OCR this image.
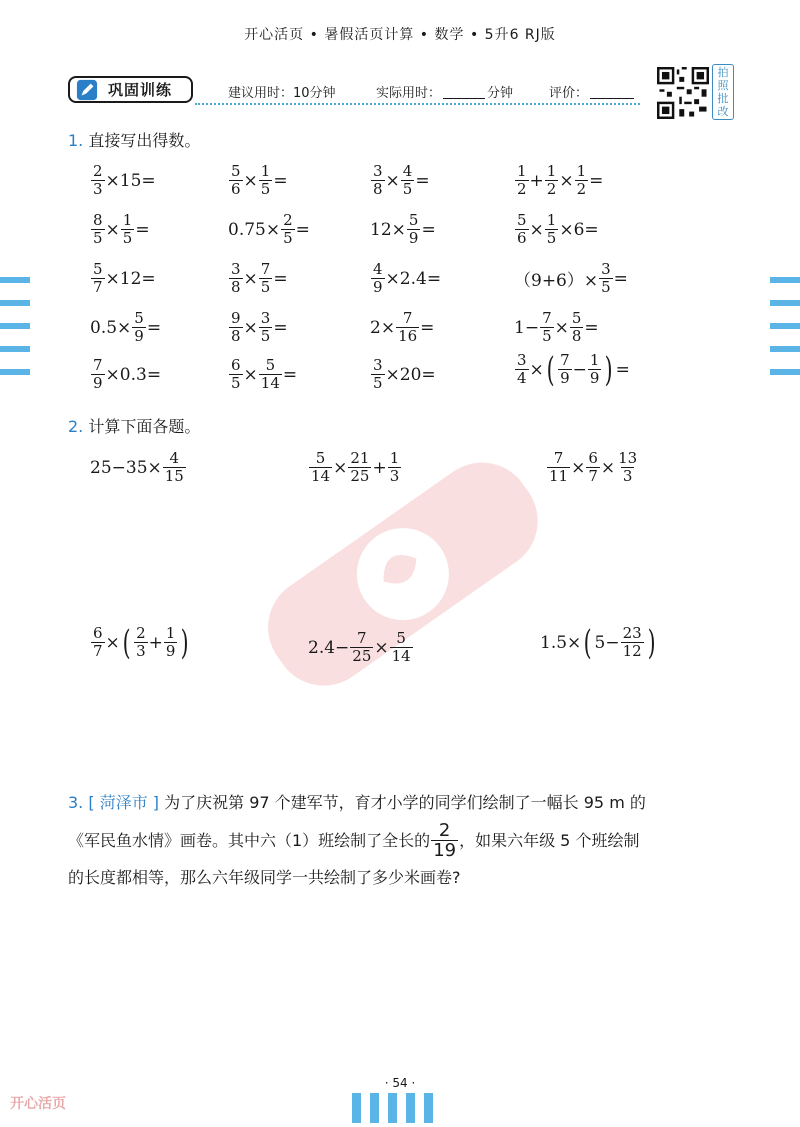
开心活页 • 暑假活页计算 • 数学 • 5升6 RJ版
巩固训练	建议用时：10分钟	实际用时：	分钟	评价：
拍
照
批
改
1. 直接写出得数。
$\frac{2}{3} \times 15=$	$\frac{5}{6} \times \frac{1}{5}$ =	$\frac{3}{8} \times \frac{4}{5}$ =	$\frac{1}{2} + \frac{1}{2} \times \frac{1}{2}$ =
$\frac{8}{5} \times \frac{1}{5}$ =	$0.75\times \frac{2}{5}$ =	$12\times \frac{5}{9}$ =	$\frac{5}{6} \times \frac{1}{5} \times 6=$
$\frac{5}{7} \times 12=$	$\frac{3}{8} \times \frac{7}{5}$ =	$\frac{4}{9} \times 2.4=$	$(9+6)\times \frac{3}{5}$ =
$0.5\times \frac{5}{9}$ =	$\frac{9}{8} \times \frac{3}{5}$ =	$2\times \frac{7}{16}$ =	$1- \frac{7}{5} \times \frac{5}{8}$ =
$\frac{7}{9} \times 0.3=$	$\frac{6}{5} \times \frac{5}{14}$ =	$\frac{3}{5} \times 20=$	$\frac{3}{4}$ × ( $\frac{7}{9} - \frac{1}{9}$ ) =
2. 计算下面各题。
$25-35\times \frac{4}{15}$	$\frac{5}{14} \times \frac{21}{25} + \frac{1}{3}$	$\frac{7}{11} \times \frac{6}{7} \times \frac{13}{3}$
$\frac{6}{7}$ × ( $\frac{2}{3} + \frac{1}{9}$ )	$2.4- \frac{7}{25} \times \frac{5}{14}$	1.5× ( $5- \frac{23}{12}$ )
3. [ 菏泽市 ] 为了庆祝第 97 个建军节，育才小学的同学们绘制了一幅长 95 m 的
《军民鱼水情》画卷。其中六（1）班绘制了全长的 $\frac{2}{19}$ ，如果六年级 5 个班绘制
的长度都相等，那么六年级同学一共绘制了多少米画卷?
· 54 ·
开心活页
